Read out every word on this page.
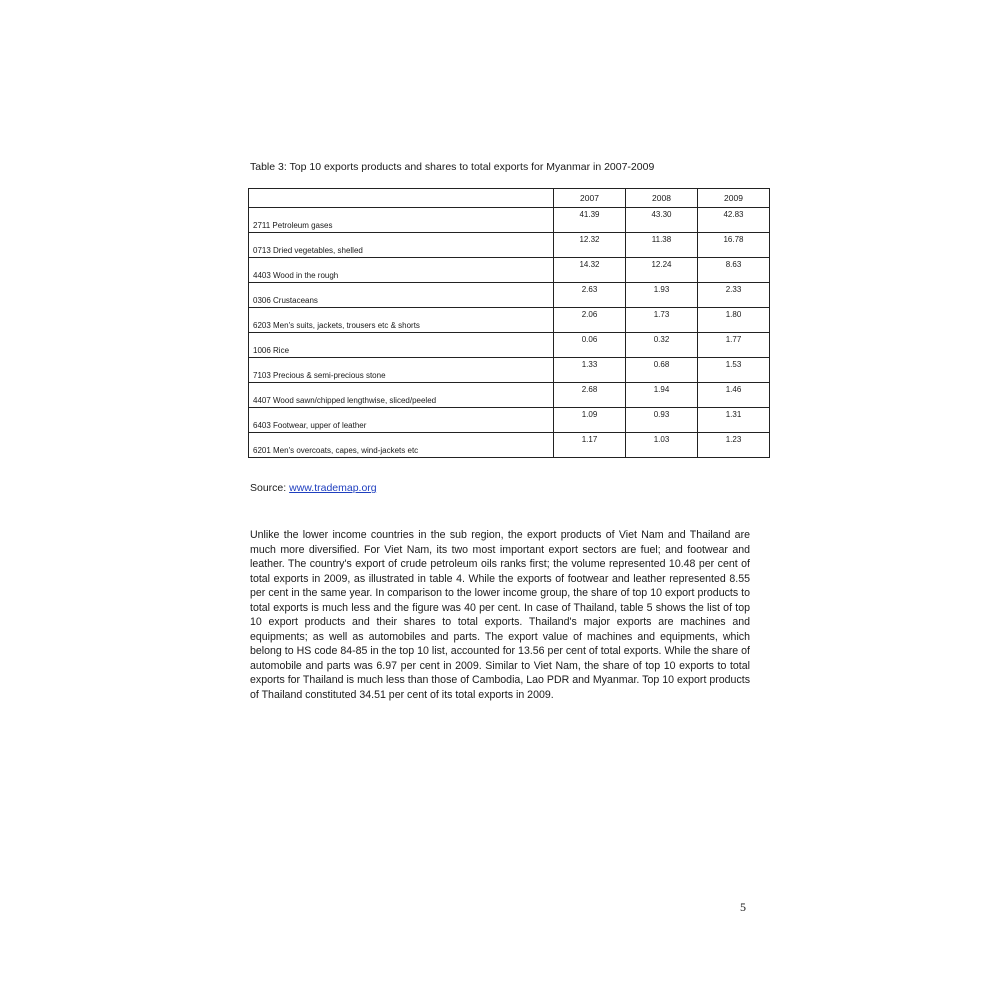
Table 3: Top 10 exports products and shares to total exports for Myanmar in 2007-2009
	2007	2008	2009
2711 Petroleum gases	41.39	43.30	42.83
0713 Dried vegetables, shelled	12.32	11.38	16.78
4403 Wood in the rough	14.32	12.24	8.63
0306 Crustaceans	2.63	1.93	2.33
6203 Men's suits, jackets, trousers etc & shorts	2.06	1.73	1.80
1006 Rice	0.06	0.32	1.77
7103 Precious & semi-precious stone	1.33	0.68	1.53
4407 Wood sawn/chipped lengthwise, sliced/peeled	2.68	1.94	1.46
6403 Footwear, upper of leather	1.09	0.93	1.31
6201 Men's overcoats, capes, wind-jackets etc	1.17	1.03	1.23
Source: www.trademap.org

Unlike the lower income countries in the sub region, the export products of Viet Nam and Thailand are much more diversified. For Viet Nam, its two most important export sectors are fuel; and footwear and leather. The country's export of crude petroleum oils ranks first; the volume represented 10.48 per cent of total exports in 2009, as illustrated in table 4. While the exports of footwear and leather represented 8.55 per cent in the same year. In comparison to the lower income group, the share of top 10 export products to total exports is much less and the figure was 40 per cent. In case of Thailand, table 5 shows the list of top 10 export products and their shares to total exports. Thailand's major exports are machines and equipments; as well as automobiles and parts. The export value of machines and equipments, which belong to HS code 84-85 in the top 10 list, accounted for 13.56 per cent of total exports. While the share of automobile and parts was 6.97 per cent in 2009. Similar to Viet Nam, the share of top 10 exports to total exports for Thailand is much less than those of Cambodia, Lao PDR and Myanmar. Top 10 export products of Thailand constituted 34.51 per cent of its total exports in 2009.

5
